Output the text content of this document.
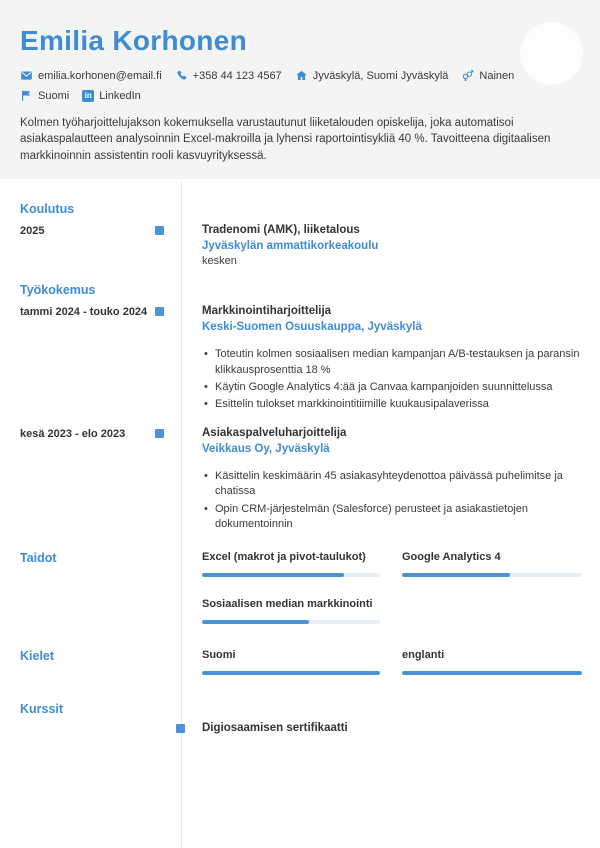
Emilia Korhonen
emilia.korhonen@email.fi	+358 44 123 4567	Jyväskylä, Suomi Jyväskylä	Nainen
Suomi in	LinkedIn

Kolmen työharjoittelujakson kokemuksella varustautunut liiketalouden opiskelija, joka automatisoi asiakaspalautteen analysoinnin Excel-makroilla ja lyhensi raportointisykliä 40 %. Tavoitteena digitaalisen markkinoinnin assistentin rooli kasvuyrityksessä.

Koulutus
2025	Tradenomi (AMK), liiketalous
Jyväskylän ammattikorkeakoulu
kesken
Työkokemus
tammi 2024 - touko 2024	Markkinointiharjoittelija
Keski-Suomen Osuuskauppa, Jyväskylä
• Toteutin kolmen sosiaalisen median kampanjan A/B-testauksen ja paransin klikkausprosenttia 18 %
• Käytin Google Analytics 4:ää ja Canvaa kampanjoiden suunnittelussa
• Esittelin tulokset markkinointitiimille kuukausipalaverissa
kesä 2023 - elo 2023	Asiakaspalveluharjoittelija
Veikkaus Oy, Jyväskylä
• Käsittelin keskimäärin 45 asiakasyhteydenottoa päivässä puhelimitse ja chatissa
• Opin CRM-järjestelmän (Salesforce) perusteet ja asiakastietojen dokumentoinnin
Taidot	Excel (makrot ja pivot-taulukot)	Google Analytics 4
Sosiaalisen median markkinointi
Kielet	Suomi	englanti
Kurssit
Digiosaamisen sertifikaatti
